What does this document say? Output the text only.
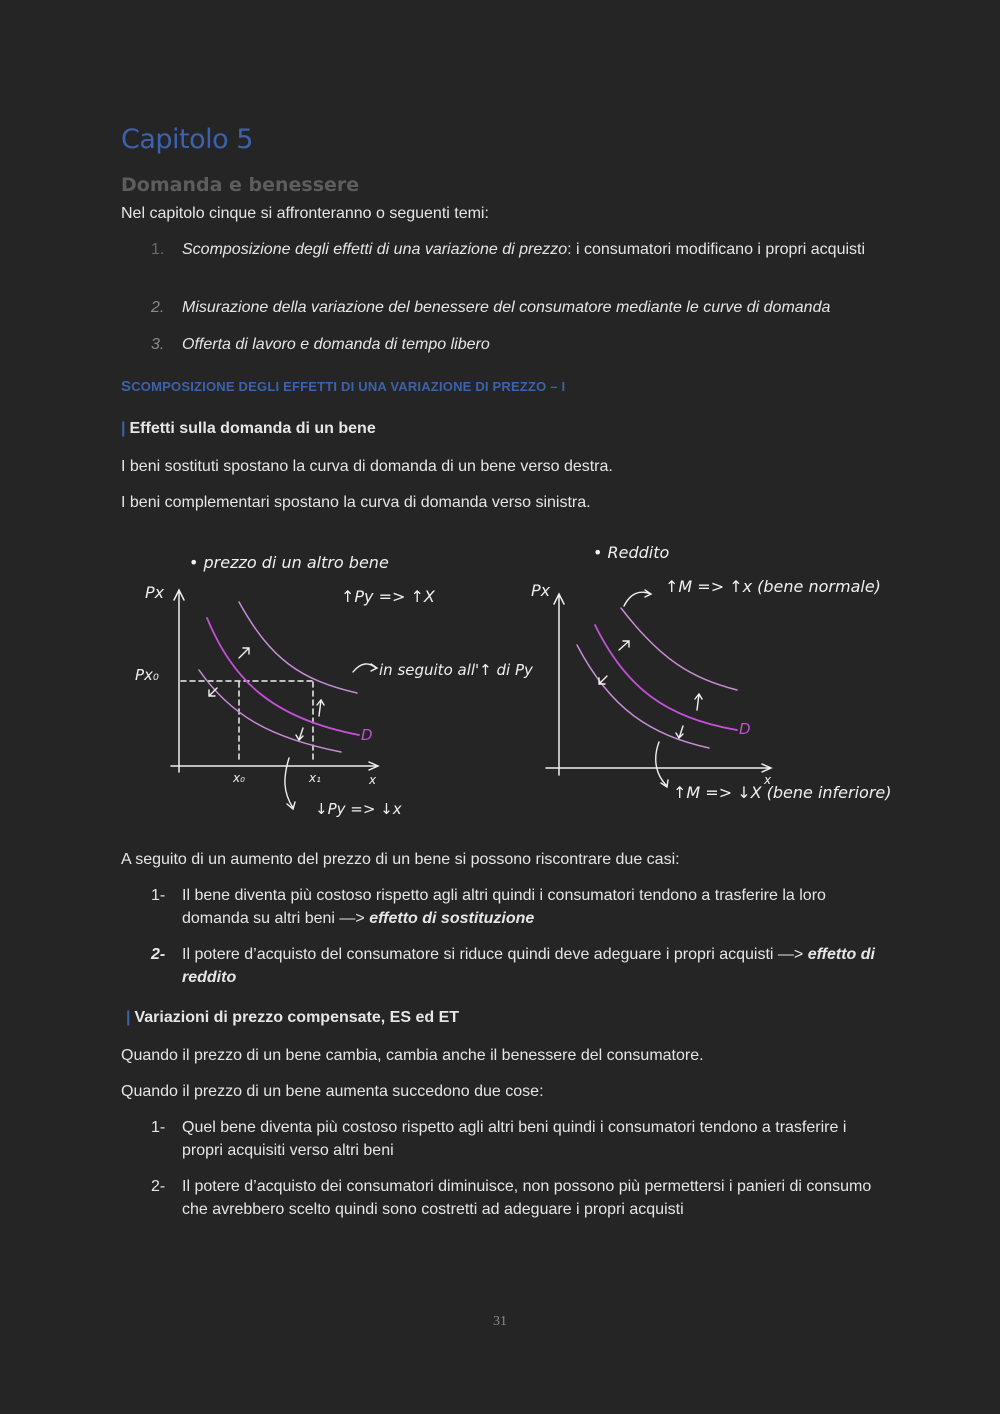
Capitolo 5
Domanda e benessere

Nel capitolo cinque si affronteranno o seguenti temi:

1.	Scomposizione degli effetti di una variazione di prezzo: i consumatori modificano i propri acquisti
2.	Misurazione della variazione del benessere del consumatore mediante le curve di domanda
3.	Offerta di lavoro e domanda di tempo libero
SCOMPOSIZIONE DEGLI EFFETTI DI UNA VARIAZIONE DI PREZZO – I
| Effetti sulla domanda di un bene

I beni sostituti spostano la curva di domanda di un bene verso destra.

I beni complementari spostano la curva di domanda verso sinistra.

A seguito di un aumento del prezzo di un bene si possono riscontrare due casi:

1-	Il bene diventa più costoso rispetto agli altri quindi i consumatori tendono a trasferire la loro domanda su altri beni —> effetto di sostituzione
2-	Il potere d’acquisto del consumatore si riduce quindi deve adeguare i propri acquisti —> effetto di reddito
| Variazioni di prezzo compensate, ES ed ET

Quando il prezzo di un bene cambia, cambia anche il benessere del consumatore.

Quando il prezzo di un bene aumenta succedono due cose:

1-	Quel bene diventa più costoso rispetto agli altri beni quindi i consumatori tendono a trasferire i propri acquisiti verso altri beni
2-	Il potere d’acquisto dei consumatori diminuisce, non possono più permettersi i panieri di consumo che avrebbero scelto quindi sono costretti ad adeguare i propri acquisti
• prezzo di un altro bene
Px
Px₀
x₀	x₁	x
↑Py => ↑X
in seguito all'↑ di Py
↓Py => ↓x
D
• Reddito
Px
x
↑M => ↑x (bene normale)
↑M => ↓X (bene inferiore)
D
31
